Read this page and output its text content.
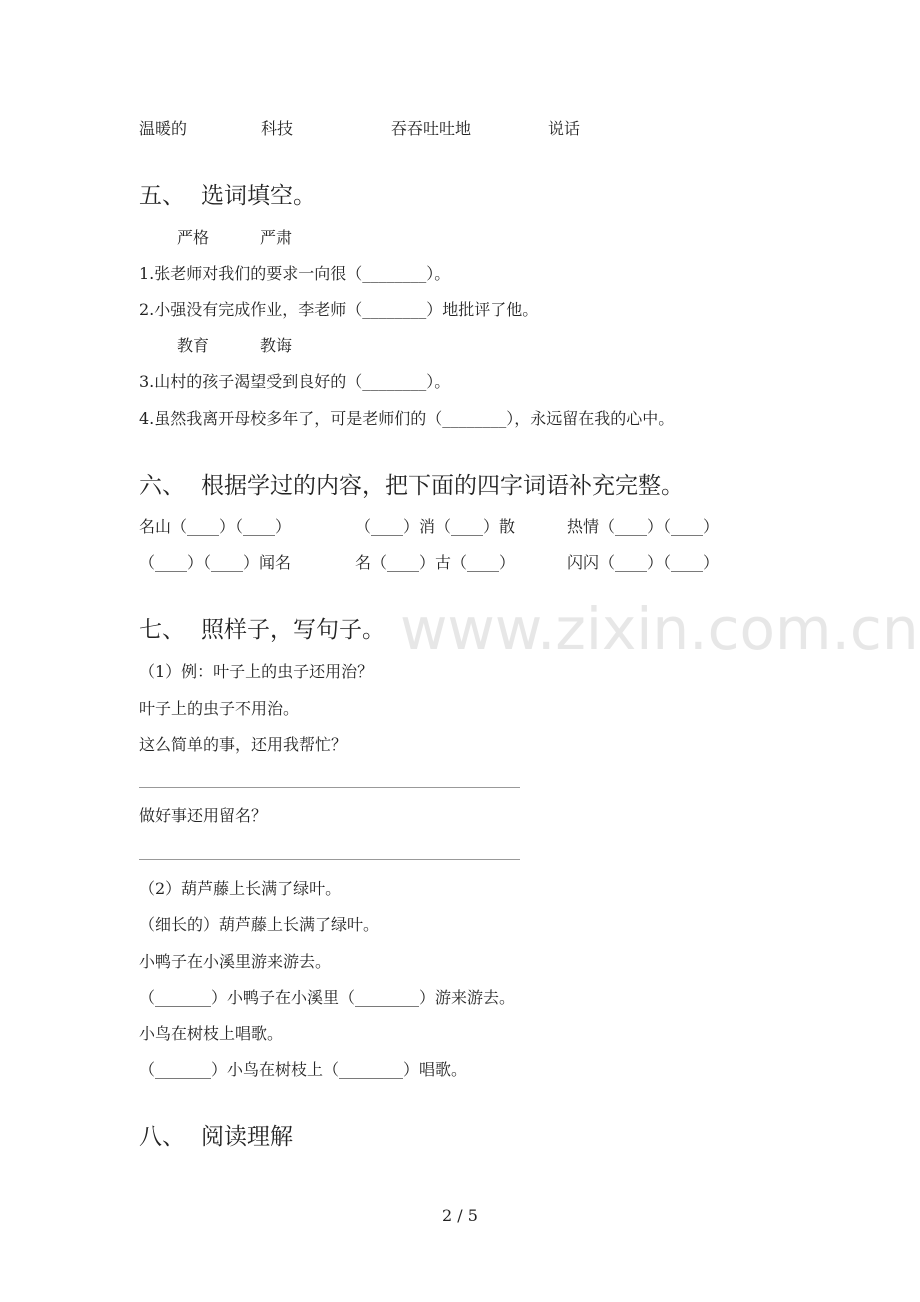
www.zixin.com.cn
温暖的	科技	吞吞吐吐地	说话
五、 选词填空。
严格	严肃
1.张老师对我们的要求一向很（________）。
2.小强没有完成作业，李老师（________）地批评了他。
教育	教诲
3.山村的孩子渴望受到良好的（________）。
4.虽然我离开母校多年了，可是老师们的（________），永远留在我的心中。
六、 根据学过的内容，把下面的四字词语补充完整。
名山（____）（____）	（____）消（____）散	热情（____）（____）
（____）（____）闻名	名（____）古（____）	闪闪（____）（____）
七、 照样子，写句子。
（1）例：叶子上的虫子还用治？
叶子上的虫子不用治。
这么简单的事，还用我帮忙？
做好事还用留名？
（2）葫芦藤上长满了绿叶。
（细长的）葫芦藤上长满了绿叶。
小鸭子在小溪里游来游去。
（_______）小鸭子在小溪里（________）游来游去。
小鸟在树枝上唱歌。
（_______）小鸟在树枝上（________）唱歌。
八、 阅读理解
2 / 5
